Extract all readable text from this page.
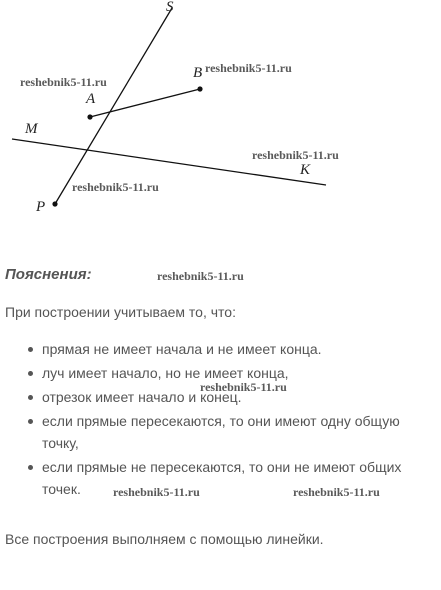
S
B
A
M
K
P
reshebnik5-11.ru
reshebnik5-11.ru
reshebnik5-11.ru
reshebnik5-11.ru
Пояснения:	reshebnik5-11.ru
При построении учитываем то, что:
прямая не имеет начала и не имеет конца.
луч имеет начало, но не имеет конца,
отрезок имеет начало и конец.
если прямые пересекаются, то они имеют одну общую точку,
если прямые не пересекаются, то они не имеют общих точек.
reshebnik5-11.ru
reshebnik5-11.ru	reshebnik5-11.ru
Все построения выполняем с помощью линейки.
